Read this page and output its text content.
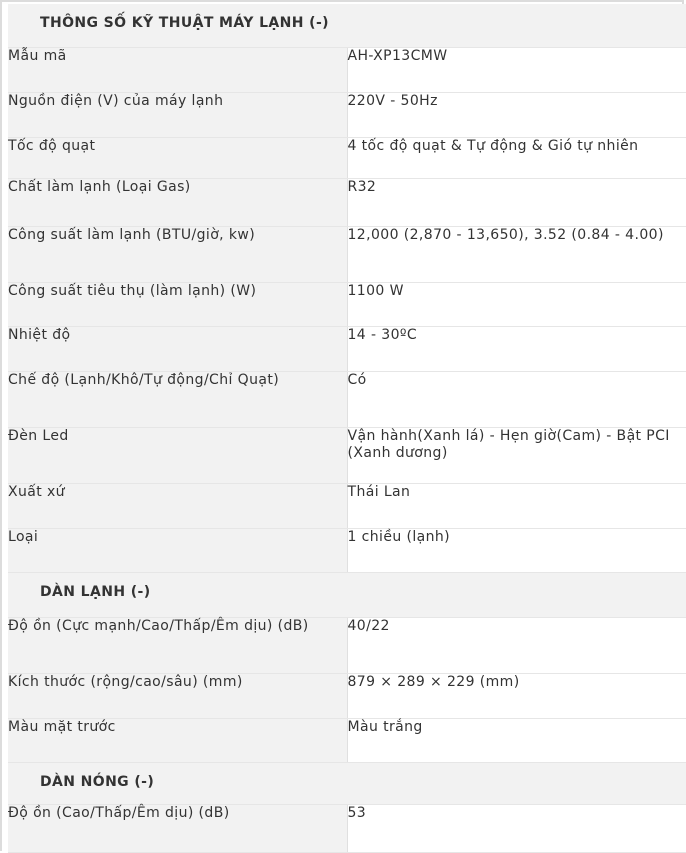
THÔNG SỐ KỸ THUẬT MÁY LẠNH (-)	
Mẫu mã	AH-XP13CMW
Nguồn điện (V) của máy lạnh	220V - 50Hz
Tốc độ quạt	4 tốc độ quạt & Tự động & Gió tự nhiên
Chất làm lạnh (Loại Gas)	R32
Công suất làm lạnh (BTU/giờ, kw)	12,000 (2,870 - 13,650), 3.52 (0.84 - 4.00)
Công suất tiêu thụ (làm lạnh) (W)	1100 W
Nhiệt độ	14 - 30ºC
Chế độ (Lạnh/Khô/Tự động/Chỉ Quạt)	Có
Đèn Led	Vận hành(Xanh lá) - Hẹn giờ(Cam) - Bật PCI (Xanh dương)
Xuất xứ	Thái Lan
Loại	1 chiều (lạnh)
DÀN LẠNH (-)	
Độ ồn (Cực mạnh/Cao/Thấp/Êm dịu) (dB)	40/22
Kích thước (rộng/cao/sâu) (mm)	879 × 289 × 229 (mm)
Màu mặt trước	Màu trắng
DÀN NÓNG (-)	
Độ ồn (Cao/Thấp/Êm dịu) (dB)	53
